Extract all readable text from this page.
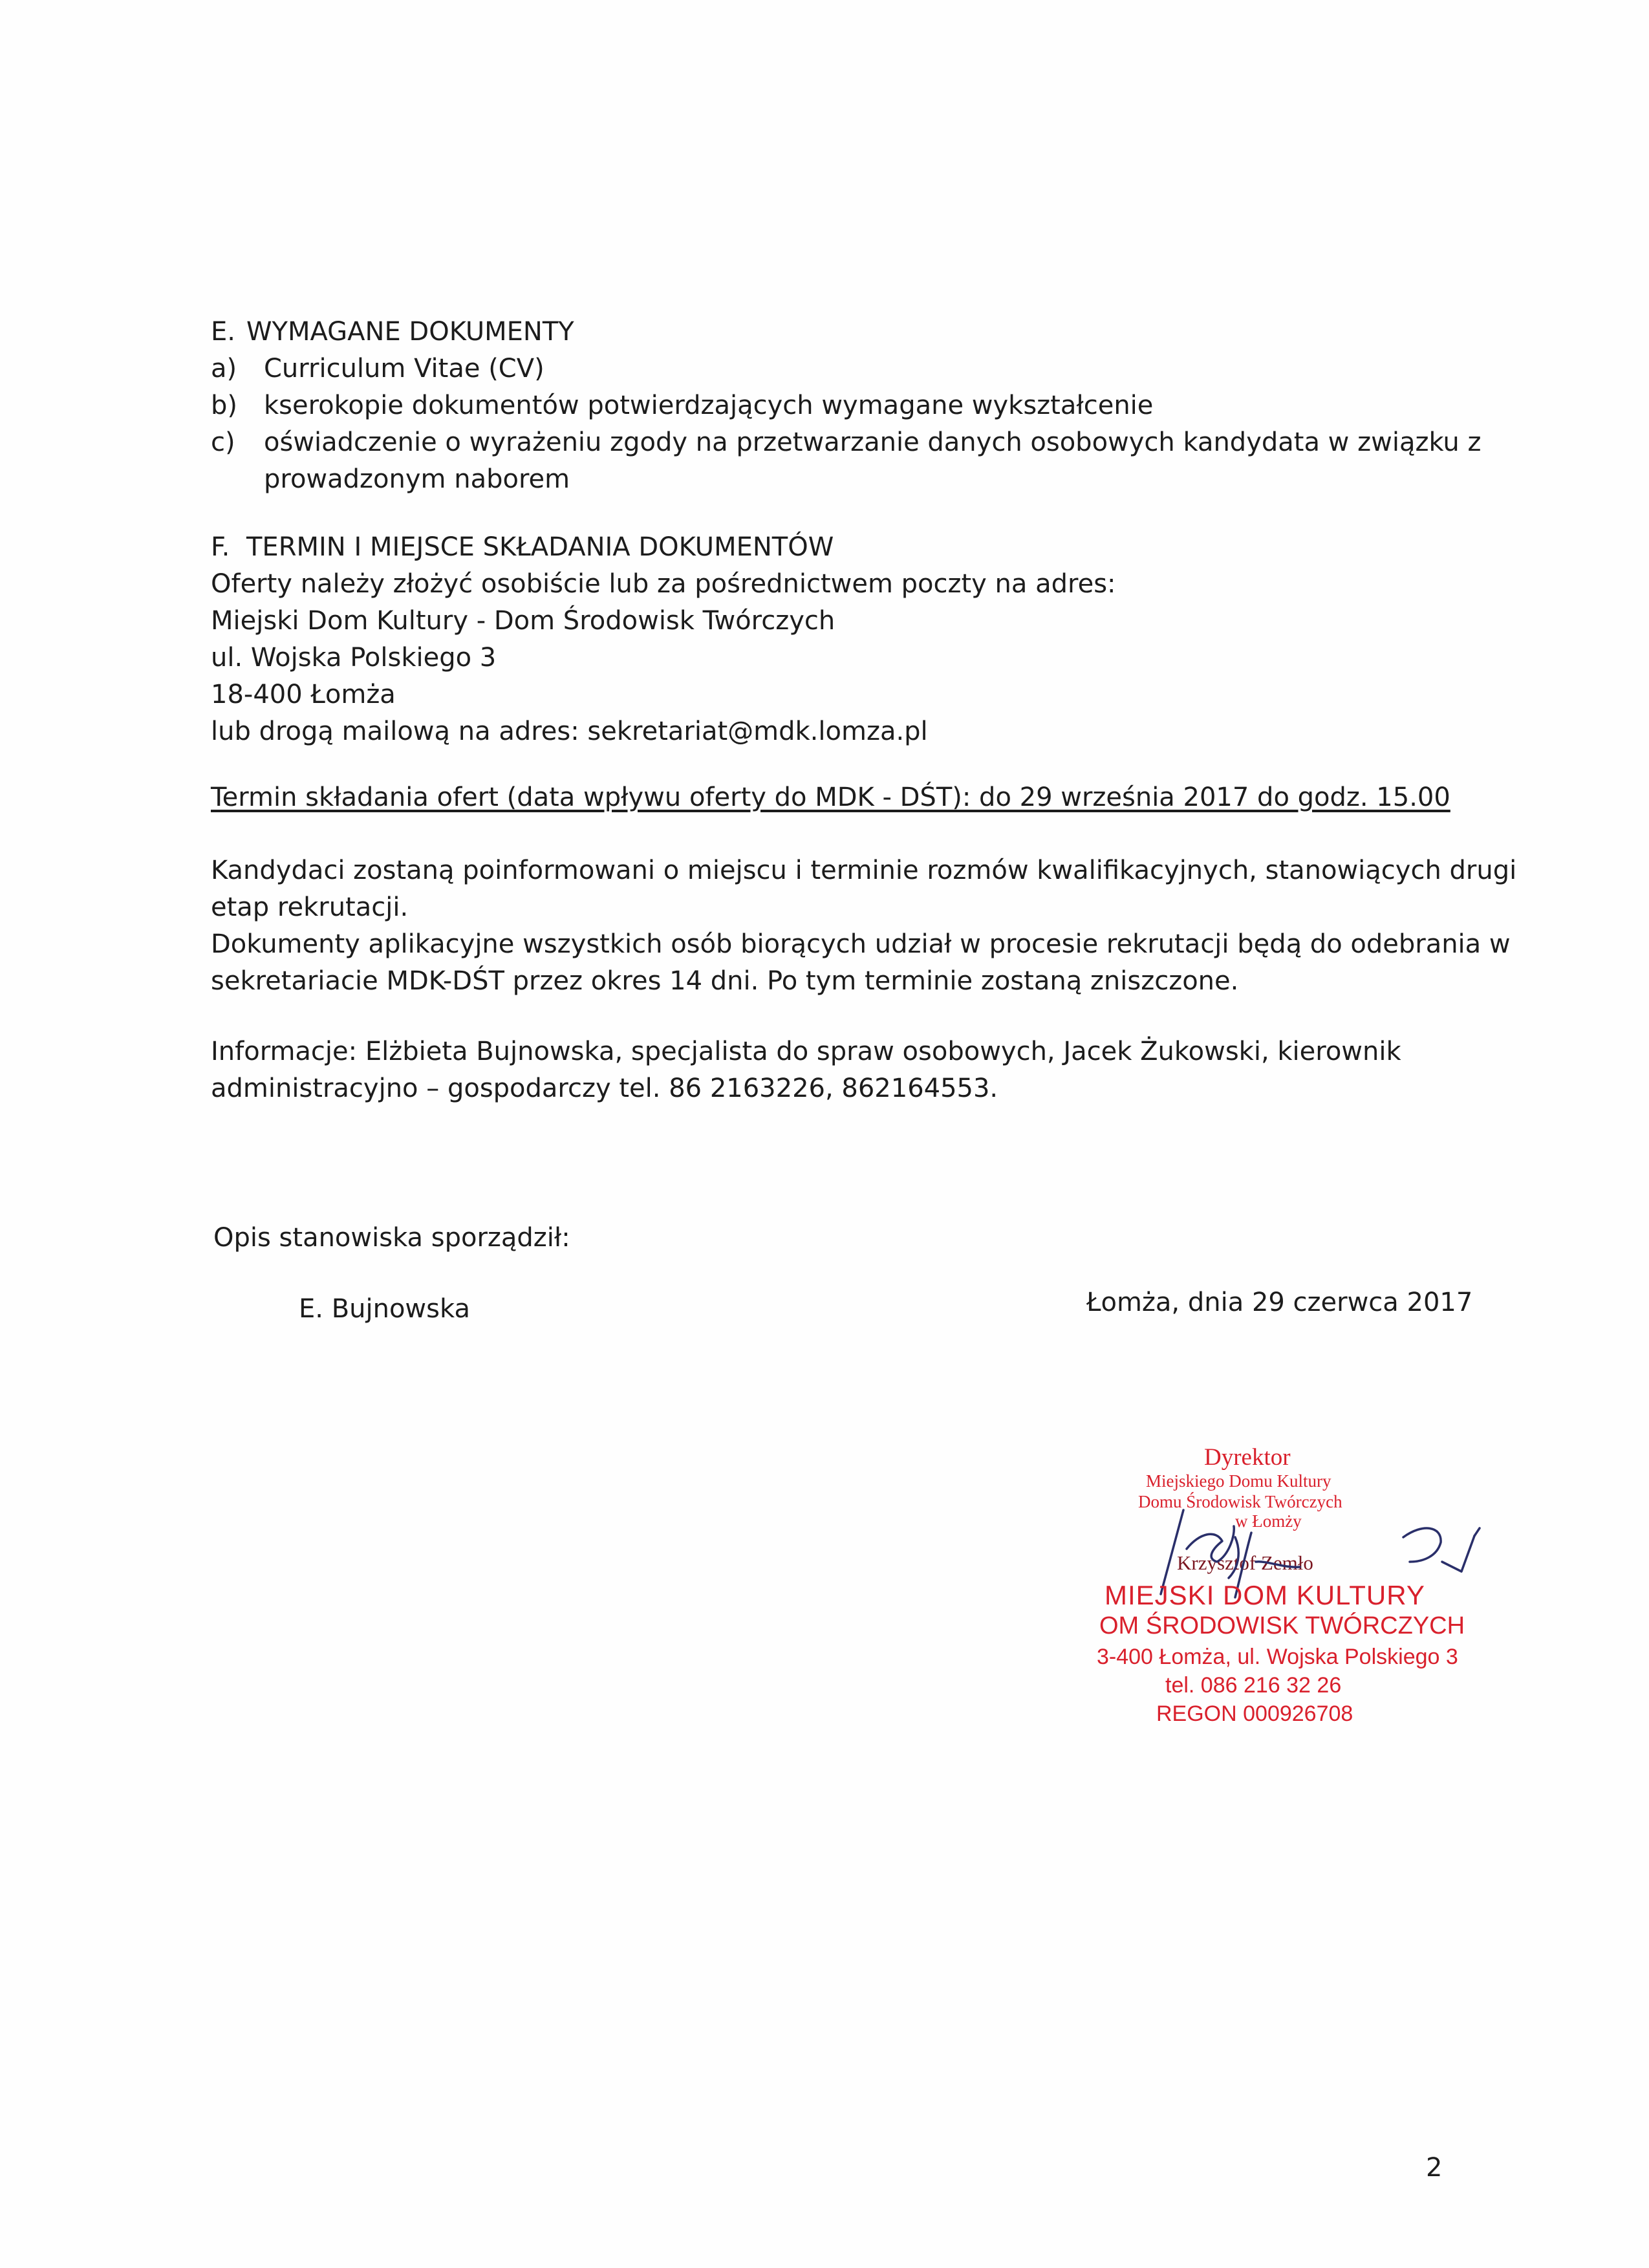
E. WYMAGANE DOKUMENTY
a)	Curriculum Vitae (CV)
b)	kserokopie dokumentów potwierdzających wymagane wykształcenie
c)	oświadczenie o wyrażeniu zgody na przetwarzanie danych osobowych kandydata w związku z
prowadzonym naborem
F. TERMIN I MIEJSCE SKŁADANIA DOKUMENTÓW
Oferty należy złożyć osobiście lub za pośrednictwem poczty na adres:
Miejski Dom Kultury - Dom Środowisk Twórczych
ul. Wojska Polskiego 3
18-400 Łomża
lub drogą mailową na adres: sekretariat@mdk.lomza.pl
Termin składania ofert (data wpływu oferty do MDK - DŚT): do 29 września 2017 do godz. 15.00
Kandydaci zostaną poinformowani o miejscu i terminie rozmów kwalifikacyjnych, stanowiących drugi
etap rekrutacji.
Dokumenty aplikacyjne wszystkich osób biorących udział w procesie rekrutacji będą do odebrania w
sekretariacie MDK-DŚT przez okres 14 dni. Po tym terminie zostaną zniszczone.
Informacje: Elżbieta Bujnowska, specjalista do spraw osobowych, Jacek Żukowski, kierownik
administracyjno – gospodarczy tel. 86 2163226, 862164553.
Opis stanowiska sporządził:
E. Bujnowska	Łomża, dnia 29 czerwca 2017
Dyrektor
Miejskiego Domu Kultury
Domu Środowisk Twórczych
w Łomży
Krzysztof Zemło
MIEJSKI DOM KULTURY
OM ŚRODOWISK TWÓRCZYCH
3-400 Łomża, ul. Wojska Polskiego 3
tel. 086 216 32 26
REGON 000926708
2
